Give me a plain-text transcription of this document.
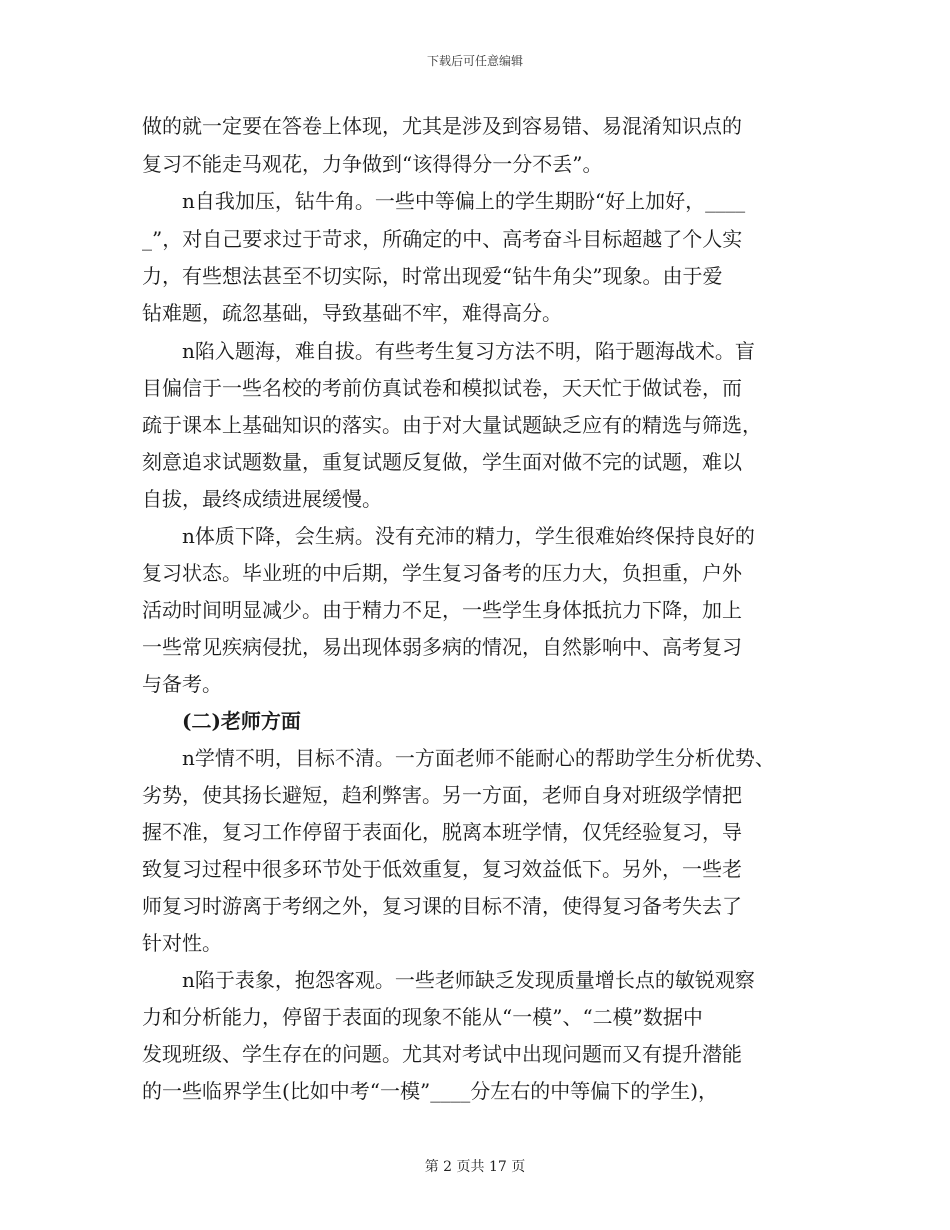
下载后可任意编辑
做的就一定要在答卷上体现，尤其是涉及到容易错、易混淆知识点的
复习不能走马观花，力争做到“该得得分一分不丢”。
n自我加压，钻牛角。一些中等偏上的学生期盼“好上加好，____
_”，对自己要求过于苛求，所确定的中、高考奋斗目标超越了个人实
力，有些想法甚至不切实际，时常出现爱“钻牛角尖”现象。由于爱
钻难题，疏忽基础，导致基础不牢，难得高分。
n陷入题海，难自拔。有些考生复习方法不明，陷于题海战术。盲
目偏信于一些名校的考前仿真试卷和模拟试卷，天天忙于做试卷，而
疏于课本上基础知识的落实。由于对大量试题缺乏应有的精选与筛选，
刻意追求试题数量，重复试题反复做，学生面对做不完的试题，难以
自拔，最终成绩进展缓慢。
n体质下降，会生病。没有充沛的精力，学生很难始终保持良好的
复习状态。毕业班的中后期，学生复习备考的压力大，负担重，户外
活动时间明显减少。由于精力不足，一些学生身体抵抗力下降，加上
一些常见疾病侵扰，易出现体弱多病的情况，自然影响中、高考复习
与备考。
(二)老师方面
n学情不明，目标不清。一方面老师不能耐心的帮助学生分析优势、
劣势，使其扬长避短，趋利弊害。另一方面，老师自身对班级学情把
握不准，复习工作停留于表面化，脱离本班学情，仅凭经验复习，导
致复习过程中很多环节处于低效重复，复习效益低下。另外，一些老
师复习时游离于考纲之外，复习课的目标不清，使得复习备考失去了
针对性。
n陷于表象，抱怨客观。一些老师缺乏发现质量增长点的敏锐观察
力和分析能力，停留于表面的现象不能从“一模”、“二模”数据中
发现班级、学生存在的问题。尤其对考试中出现问题而又有提升潜能
的一些临界学生(比如中考“一模”____分左右的中等偏下的学生)，
第 2 页共 17 页
